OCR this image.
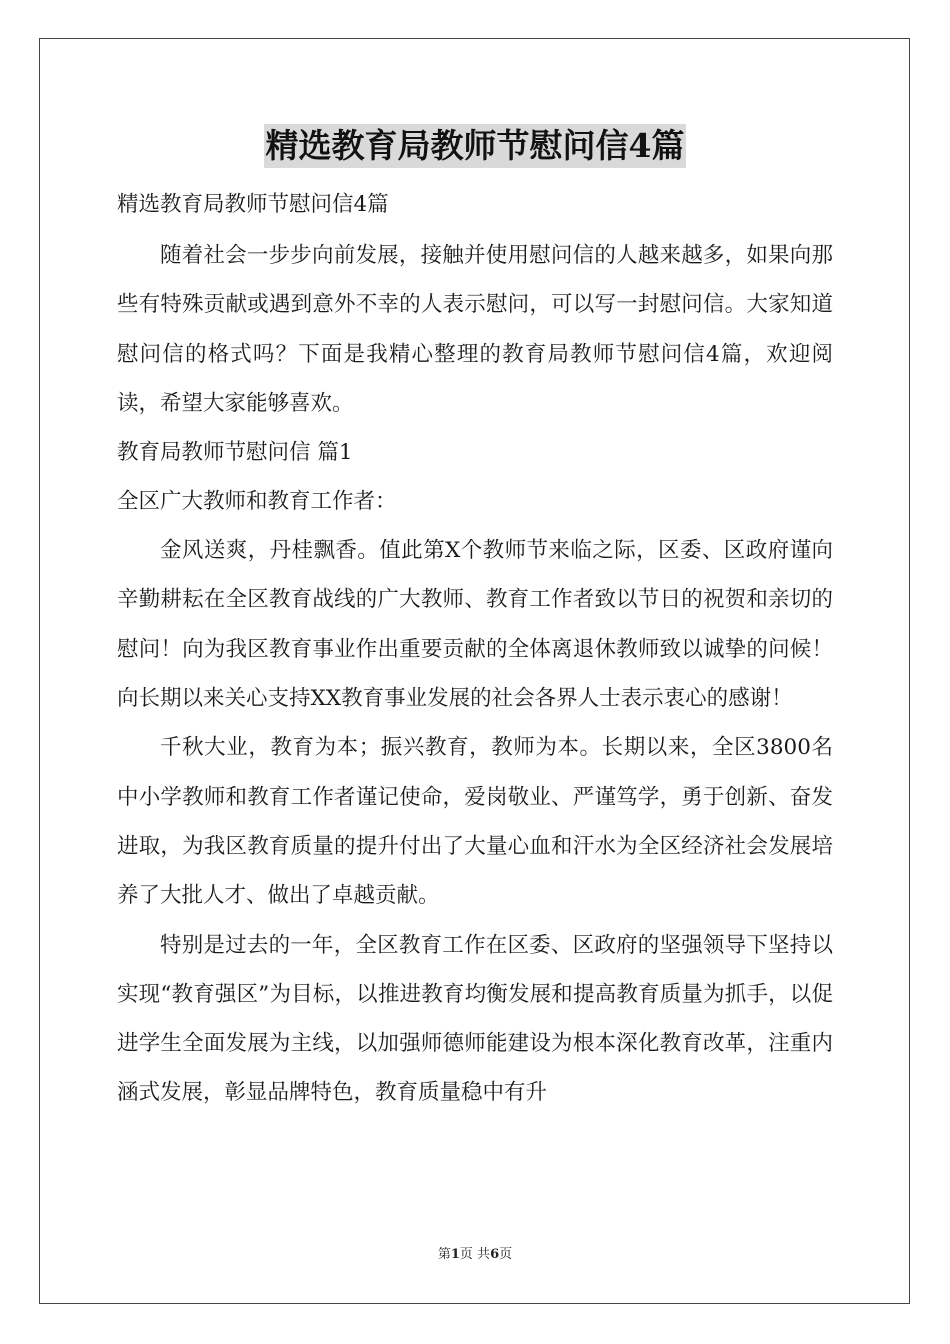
精选教育局教师节慰问信4篇
精选教育局教师节慰问信4篇

随着社会一步步向前发展，接触并使用慰问信的人越来越多，如果向那些有特殊贡献或遇到意外不幸的人表示慰问，可以写一封慰问信。大家知道慰问信的格式吗？下面是我精心整理的教育局教师节慰问信4篇，欢迎阅读，希望大家能够喜欢。

教育局教师节慰问信 篇1
全区广大教师和教育工作者：

金风送爽，丹桂飘香。值此第X个教师节来临之际，区委、区政府谨向辛勤耕耘在全区教育战线的广大教师、教育工作者致以节日的祝贺和亲切的慰问！向为我区教育事业作出重要贡献的全体离退休教师致以诚挚的问候！向长期以来关心支持XX教育事业发展的社会各界人士表示衷心的感谢！

千秋大业，教育为本；振兴教育，教师为本。长期以来，全区3800名中小学教师和教育工作者谨记使命，爱岗敬业、严谨笃学，勇于创新、奋发进取，为我区教育质量的提升付出了大量心血和汗水为全区经济社会发展培养了大批人才、做出了卓越贡献。

特别是过去的一年，全区教育工作在区委、区政府的坚强领导下坚持以实现“教育强区”为目标，以推进教育均衡发展和提高教育质量为抓手，以促进学生全面发展为主线，以加强师德师能建设为根本深化教育改革，注重内涵式发展，彰显品牌特色，教育质量稳中有升

第1页 共6页
